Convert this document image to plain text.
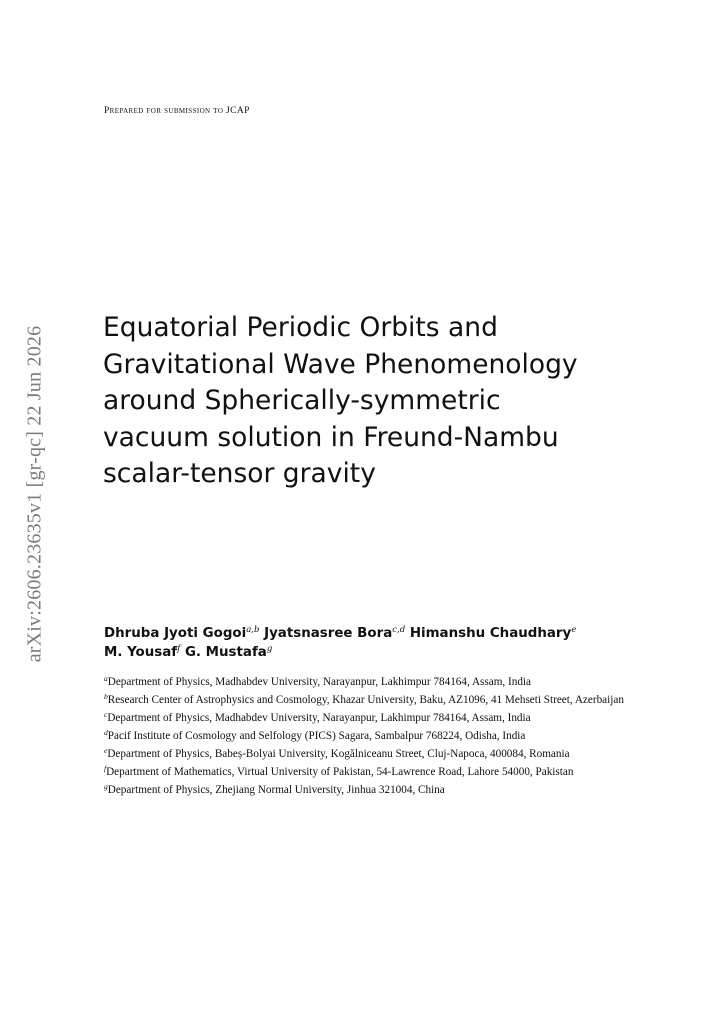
Prepared for submission to JCAP
arXiv:2606.23635v1 [gr-qc] 22 Jun 2026 Equatorial Periodic Orbits and
Gravitational Wave Phenomenology
around Spherically-symmetric
vacuum solution in Freund-Nambu
scalar-tensor gravity
Dhruba Jyoti Gogoi$^{a,b}$ Jyatsnasree Bora$^{c,d}$ Himanshu Chaudhary$^e$
M. Yousaf$^f$ G. Mustafa$^g$
$^a$Department of Physics, Madhabdev University, Narayanpur, Lakhimpur 784164, Assam, India
$^b$Research Center of Astrophysics and Cosmology, Khazar University, Baku, AZ1096, 41 Mehseti Street, Azerbaijan
$^c$Department of Physics, Madhabdev University, Narayanpur, Lakhimpur 784164, Assam, India
$^d$Pacif Institute of Cosmology and Selfology (PICS) Sagara, Sambalpur 768224, Odisha, India
$^e$Department of Physics, Babeș-Bolyai University, Kogălniceanu Street, Cluj-Napoca, 400084, Romania
$^f$Department of Mathematics, Virtual University of Pakistan, 54-Lawrence Road, Lahore 54000, Pakistan
$^g$Department of Physics, Zhejiang Normal University, Jinhua 321004, China
